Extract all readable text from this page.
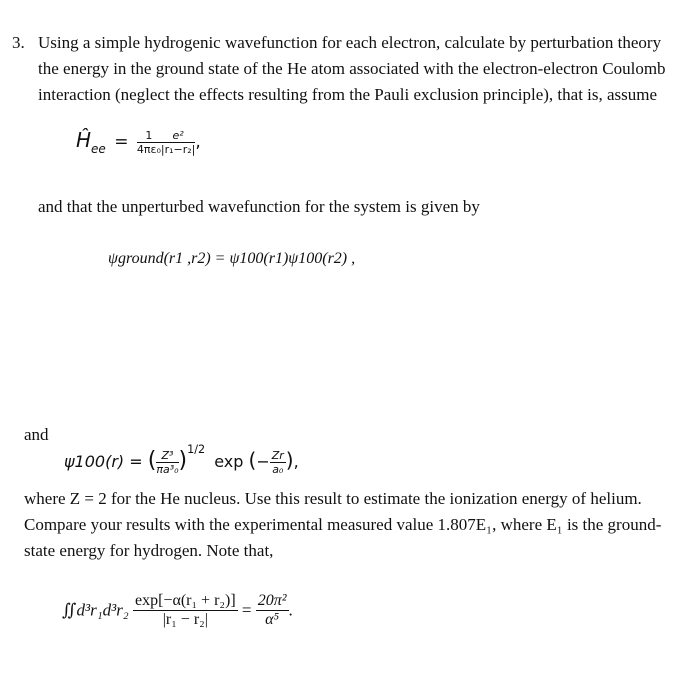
3. Using a simple hydrogenic wavefunction for each electron, calculate by perturbation theory
the energy in the ground state of the He atom associated with the electron-electron Coulomb
interaction (neglect the effects resulting from the Pauli exclusion principle), that is, assume
$Ĥ_{ee} = \frac{1}{\text{4πε₀}} \frac{\text{e²}}{\text{|r₁−r₂|}}$ ,
and that the unperturbed wavefunction for the system is given by
ψground(r1 ,r2) = ψ100(r1)ψ100(r2) ,
and
ψ100(r) = ( $\frac{\text{Z³}}{\text{πa³₀}} )^{1/2}$ exp (− $\frac{Zr}{\text{a₀}}$ ),
where Z = 2 for the He nucleus. Use this result to estimate the ionization energy of helium.
Compare your results with the experimental measured value 1.807E₁, where E₁ is the ground-
state energy for hydrogen. Note that,
∬d³r₁d³r₂ $\frac{\text{exp[−α(r₁ + r₂)]}}{\text{|r₁ − r₂|}} = \frac{\text{20π²}}{\text{α⁵}}$ .
